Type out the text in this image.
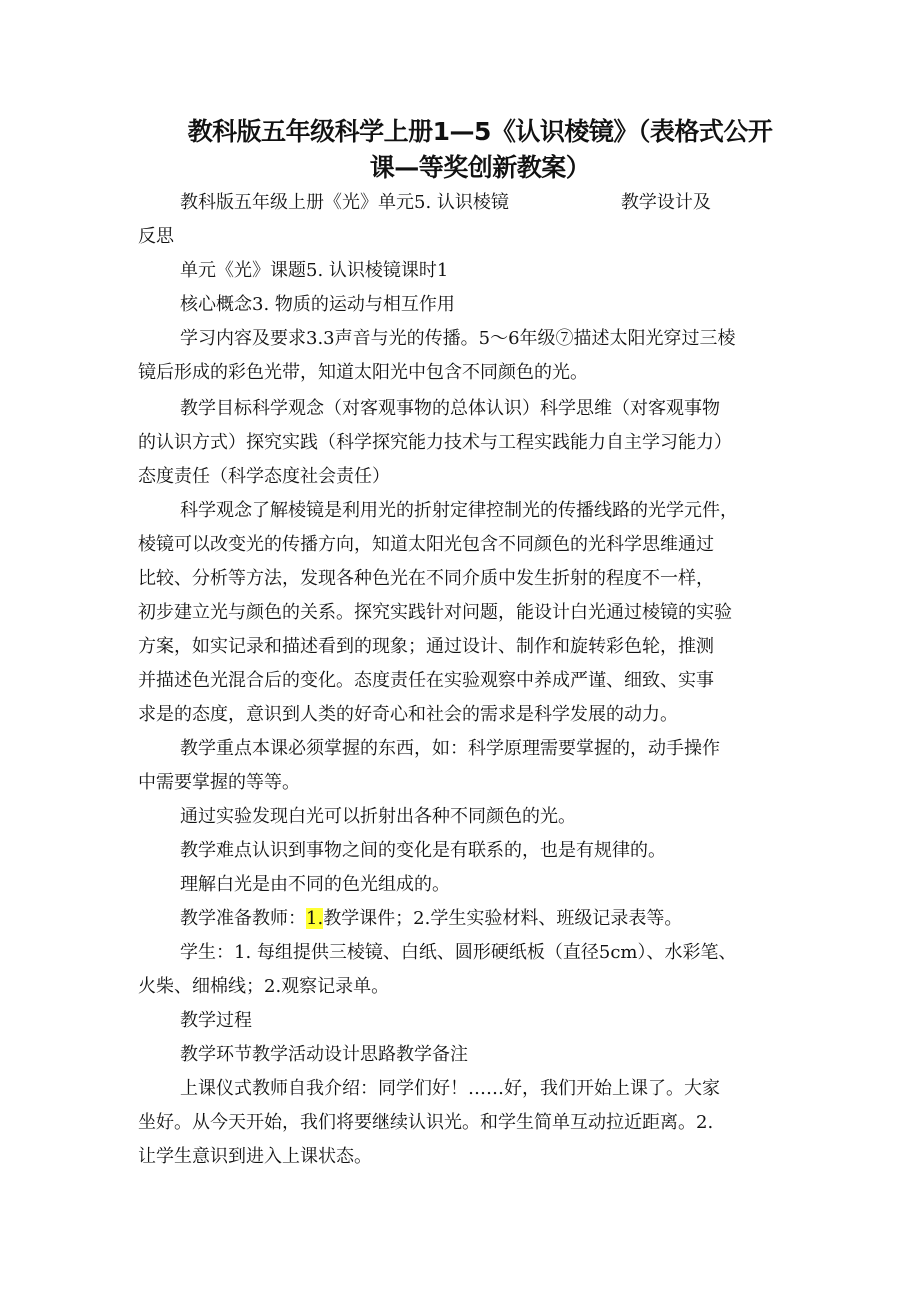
教科版五年级科学上册1—5《认识棱镜》（表格式公开
课—等奖创新教案）
教科版五年级上册《光》单元5. 认识棱镜	教学设计及
反思
单元《光》课题5. 认识棱镜课时1
核心概念3. 物质的运动与相互作用
学习内容及要求3.3声音与光的传播。5～6年级⑦描述太阳光穿过三棱
镜后形成的彩色光带，知道太阳光中包含不同颜色的光。
教学目标科学观念（对客观事物的总体认识）科学思维（对客观事物
的认识方式）探究实践（科学探究能力技术与工程实践能力自主学习能力）
态度责任（科学态度社会责任）
科学观念了解棱镜是利用光的折射定律控制光的传播线路的光学元件，
棱镜可以改变光的传播方向，知道太阳光包含不同颜色的光科学思维通过
比较、分析等方法，发现各种色光在不同介质中发生折射的程度不一样，
初步建立光与颜色的关系。探究实践针对问题，能设计白光通过棱镜的实验
方案，如实记录和描述看到的现象；通过设计、制作和旋转彩色轮，推测
并描述色光混合后的变化。态度责任在实验观察中养成严谨、细致、实事
求是的态度，意识到人类的好奇心和社会的需求是科学发展的动力。
教学重点本课必须掌握的东西，如：科学原理需要掌握的，动手操作
中需要掌握的等等。
通过实验发现白光可以折射出各种不同颜色的光。
教学难点认识到事物之间的变化是有联系的，也是有规律的。
理解白光是由不同的色光组成的。
教学准备教师：1.教学课件；2.学生实验材料、班级记录表等。
学生：1. 每组提供三棱镜、白纸、圆形硬纸板（直径5cm）、水彩笔、
火柴、细棉线；2.观察记录单。
教学过程
教学环节教学活动设计思路教学备注
上课仪式教师自我介绍：同学们好！……好，我们开始上课了。大家
坐好。从今天开始，我们将要继续认识光。和学生简单互动拉近距离。2.
让学生意识到进入上课状态。
